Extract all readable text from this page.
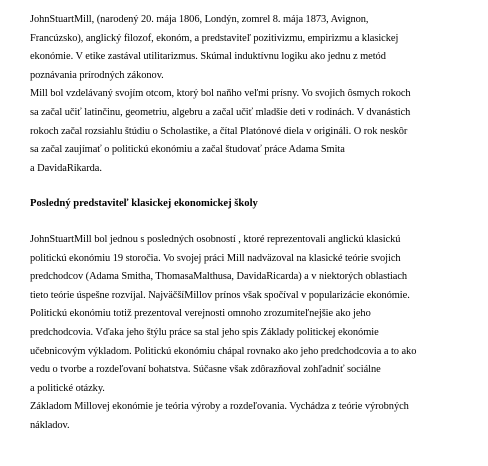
JohnStuartMill, (narodený 20. mája 1806, Londýn, zomrel 8. mája 1873, Avignon,
Francúzsko), anglický filozof, ekonóm, a predstaviteľ pozitivizmu, empirizmu a klasickej
ekonómie. V etike zastával utilitarizmus. Skúmal induktívnu logiku ako jednu z metód
poznávania prírodných zákonov.
Mill bol vzdelávaný svojím otcom, ktorý bol naňho veľmi prísny. Vo svojich ôsmych rokoch
sa začal učiť latinčinu, geometriu, algebru a začal učiť mladšie deti v rodinách. V dvanástich
rokoch začal rozsiahlu štúdiu o Scholastike, a čítal Platónové diela v origináli. O rok neskôr
sa začal zaujímať o politickú ekonómiu a začal študovať práce Adama Smita
a DavidaRikarda.
Posledný predstaviteľ klasickej ekonomickej školy
JohnStuartMill bol jednou s posledných osobností , ktoré reprezentovali anglickú klasickú
politickú ekonómiu 19 storočia. Vo svojej práci Mill nadväzoval na klasické teórie svojich
predchodcov (Adama Smitha, ThomasaMalthusa, DavidaRicarda) a v niektorých oblastiach
tieto teórie úspešne rozvíjal. NajväčšíMillov prínos však spočíval v popularizácie ekonómie.
Politickú ekonómiu totiž prezentoval verejnosti omnoho zrozumiteľnejšie ako jeho
predchodcovia. Vďaka jeho štýlu práce sa stal jeho spis Základy politickej ekonómie
učebnicovým výkladom. Politickú ekonómiu chápal rovnako ako jeho predchodcovia a to ako
vedu o tvorbe a rozdeľovaní bohatstva. Súčasne však zdôrazňoval zohľadniť sociálne
a politické otázky.
Základom Millovej ekonómie je teória výroby a rozdeľovania. Vychádza z teórie výrobných
nákladov.
